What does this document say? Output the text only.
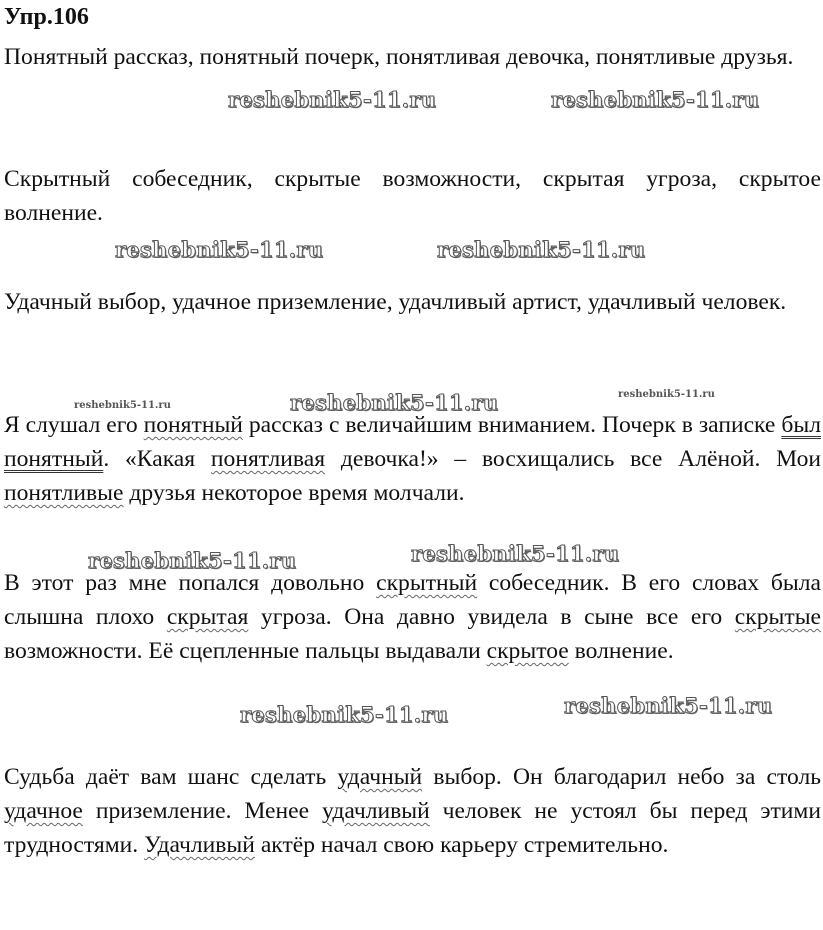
Упр.106
Понятный рассказ, понятный почерк, понятливая девочка, понятливые друзья.
Скрытный собеседник, скрытые возможности, скрытая угроза, скрытое волнение.
Удачный выбор, удачное приземление, удачливый артист, удачливый человек.
Я слушал его понятный рассказ с величайшим вниманием. Почерк в записке был понятный. «Какая понятливая девочка!» – восхищались все Алёной. Мои понятливые друзья некоторое время молчали.
В этот раз мне попался довольно скрытный собеседник. В его словах была слышна плохо скрытая угроза. Она давно увидела в сыне все его скрытые возможности. Её сцепленные пальцы выдавали скрытое волнение.
Судьба даёт вам шанс сделать удачный выбор. Он благодарил небо за столь удачное приземление. Менее удачливый человек не устоял бы перед этими трудностями. Удачливый актёр начал свою карьеру стремительно.
reshebnik5-11.ru	reshebnik5-11.ru
reshebnik5-11.ru	reshebnik5-11.ru
reshebnik5-11.ru	reshebnik5-11.ru	reshebnik5-11.ru
reshebnik5-11.ru	reshebnik5-11.ru
reshebnik5-11.ru	reshebnik5-11.ru
